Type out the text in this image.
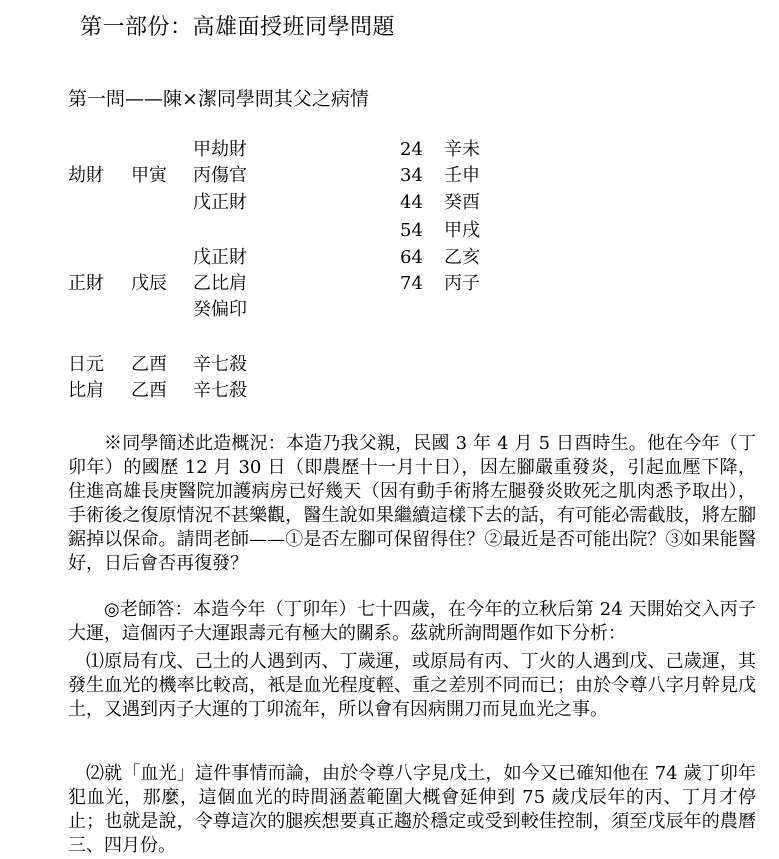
第一部份：高雄面授班同學問題
第一問——陳×潔同學問其父之病情
甲劫財
劫財 甲寅 丙傷官
戊正財
戊正財
正財 戊辰 乙比肩
癸偏印
日元 乙酉 辛七殺
比肩 乙酉 辛七殺
24 辛未
34 壬申
44 癸酉
54 甲戌
64 乙亥
74 丙子

※同學簡述此造概況：本造乃我父親，民國 3 年 4 月 5 日酉時生。他在今年（丁卯年）的國歷 12 月 30 日（即農歷十一月十日），因左腳嚴重發炎，引起血壓下降，住進高雄長庚醫院加護病房已好幾天（因有動手術將左腿發炎敗死之肌肉悉予取出），手術後之復原情況不甚樂觀，醫生說如果繼續這樣下去的話，有可能必需截肢，將左腳鋸掉以保命。請問老師——①是否左腳可保留得住？②最近是否可能出院？③如果能醫好，日后會否再復發？

◎老師答：本造今年（丁卯年）七十四歲，在今年的立秋后第 24 天開始交入丙子大運，這個丙子大運跟壽元有極大的關系。茲就所詢問題作如下分析：

⑴原局有戊、己土的人遇到丙、丁歲運，或原局有丙、丁火的人遇到戊、己歲運，其發生血光的機率比較高，衹是血光程度輕、重之差別不同而已；由於令尊八字月幹見戊土，又遇到丙子大運的丁卯流年，所以會有因病開刀而見血光之事。

⑵就「血光」這件事情而論，由於令尊八字見戊土，如今又已確知他在 74 歲丁卯年犯血光，那麼，這個血光的時間涵蓋範圍大概會延伸到 75 歲戊辰年的丙、丁月才停止；也就是說，令尊這次的腿疾想要真正趨於穩定或受到較佳控制，須至戊辰年的農曆三、四月份。
